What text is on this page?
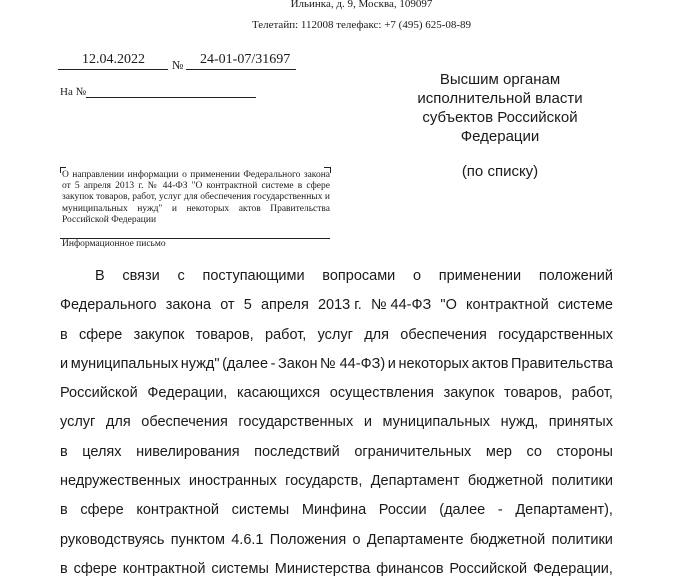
Ильинка, д. 9, Москва, 109097
Телетайп: 112008 телефакс: +7 (495) 625-08-89
12.04.2022 № 24-01-07/31697
На №
Высшим органам
исполнительной власти
субъектов Российской
Федерации
(по списку)
О направлении информации о применении Федерального закона от 5 апреля 2013 г. № 44-ФЗ "О контрактной системе в сфере закупок товаров, работ, услуг для обеспечения государственных и муниципальных нужд" и некоторых актов Правительства Российской Федерации
Информационное письмо
В связи с поступающими вопросами о применении положений
Федерального закона от 5 апреля 2013 г. № 44-ФЗ "О контрактной системе
в сфере закупок товаров, работ, услуг для обеспечения государственных
и муниципальных нужд" (далее - Закон № 44-ФЗ) и некоторых актов Правительства
Российской Федерации, касающихся осуществления закупок товаров, работ,
услуг для обеспечения государственных и муниципальных нужд, принятых
в целях нивелирования последствий ограничительных мер со стороны
недружественных иностранных государств, Департамент бюджетной политики
в сфере контрактной системы Минфина России (далее - Департамент),
руководствуясь пунктом 4.6.1 Положения о Департаменте бюджетной политики
в сфере контрактной системы Министерства финансов Российской Федерации,
